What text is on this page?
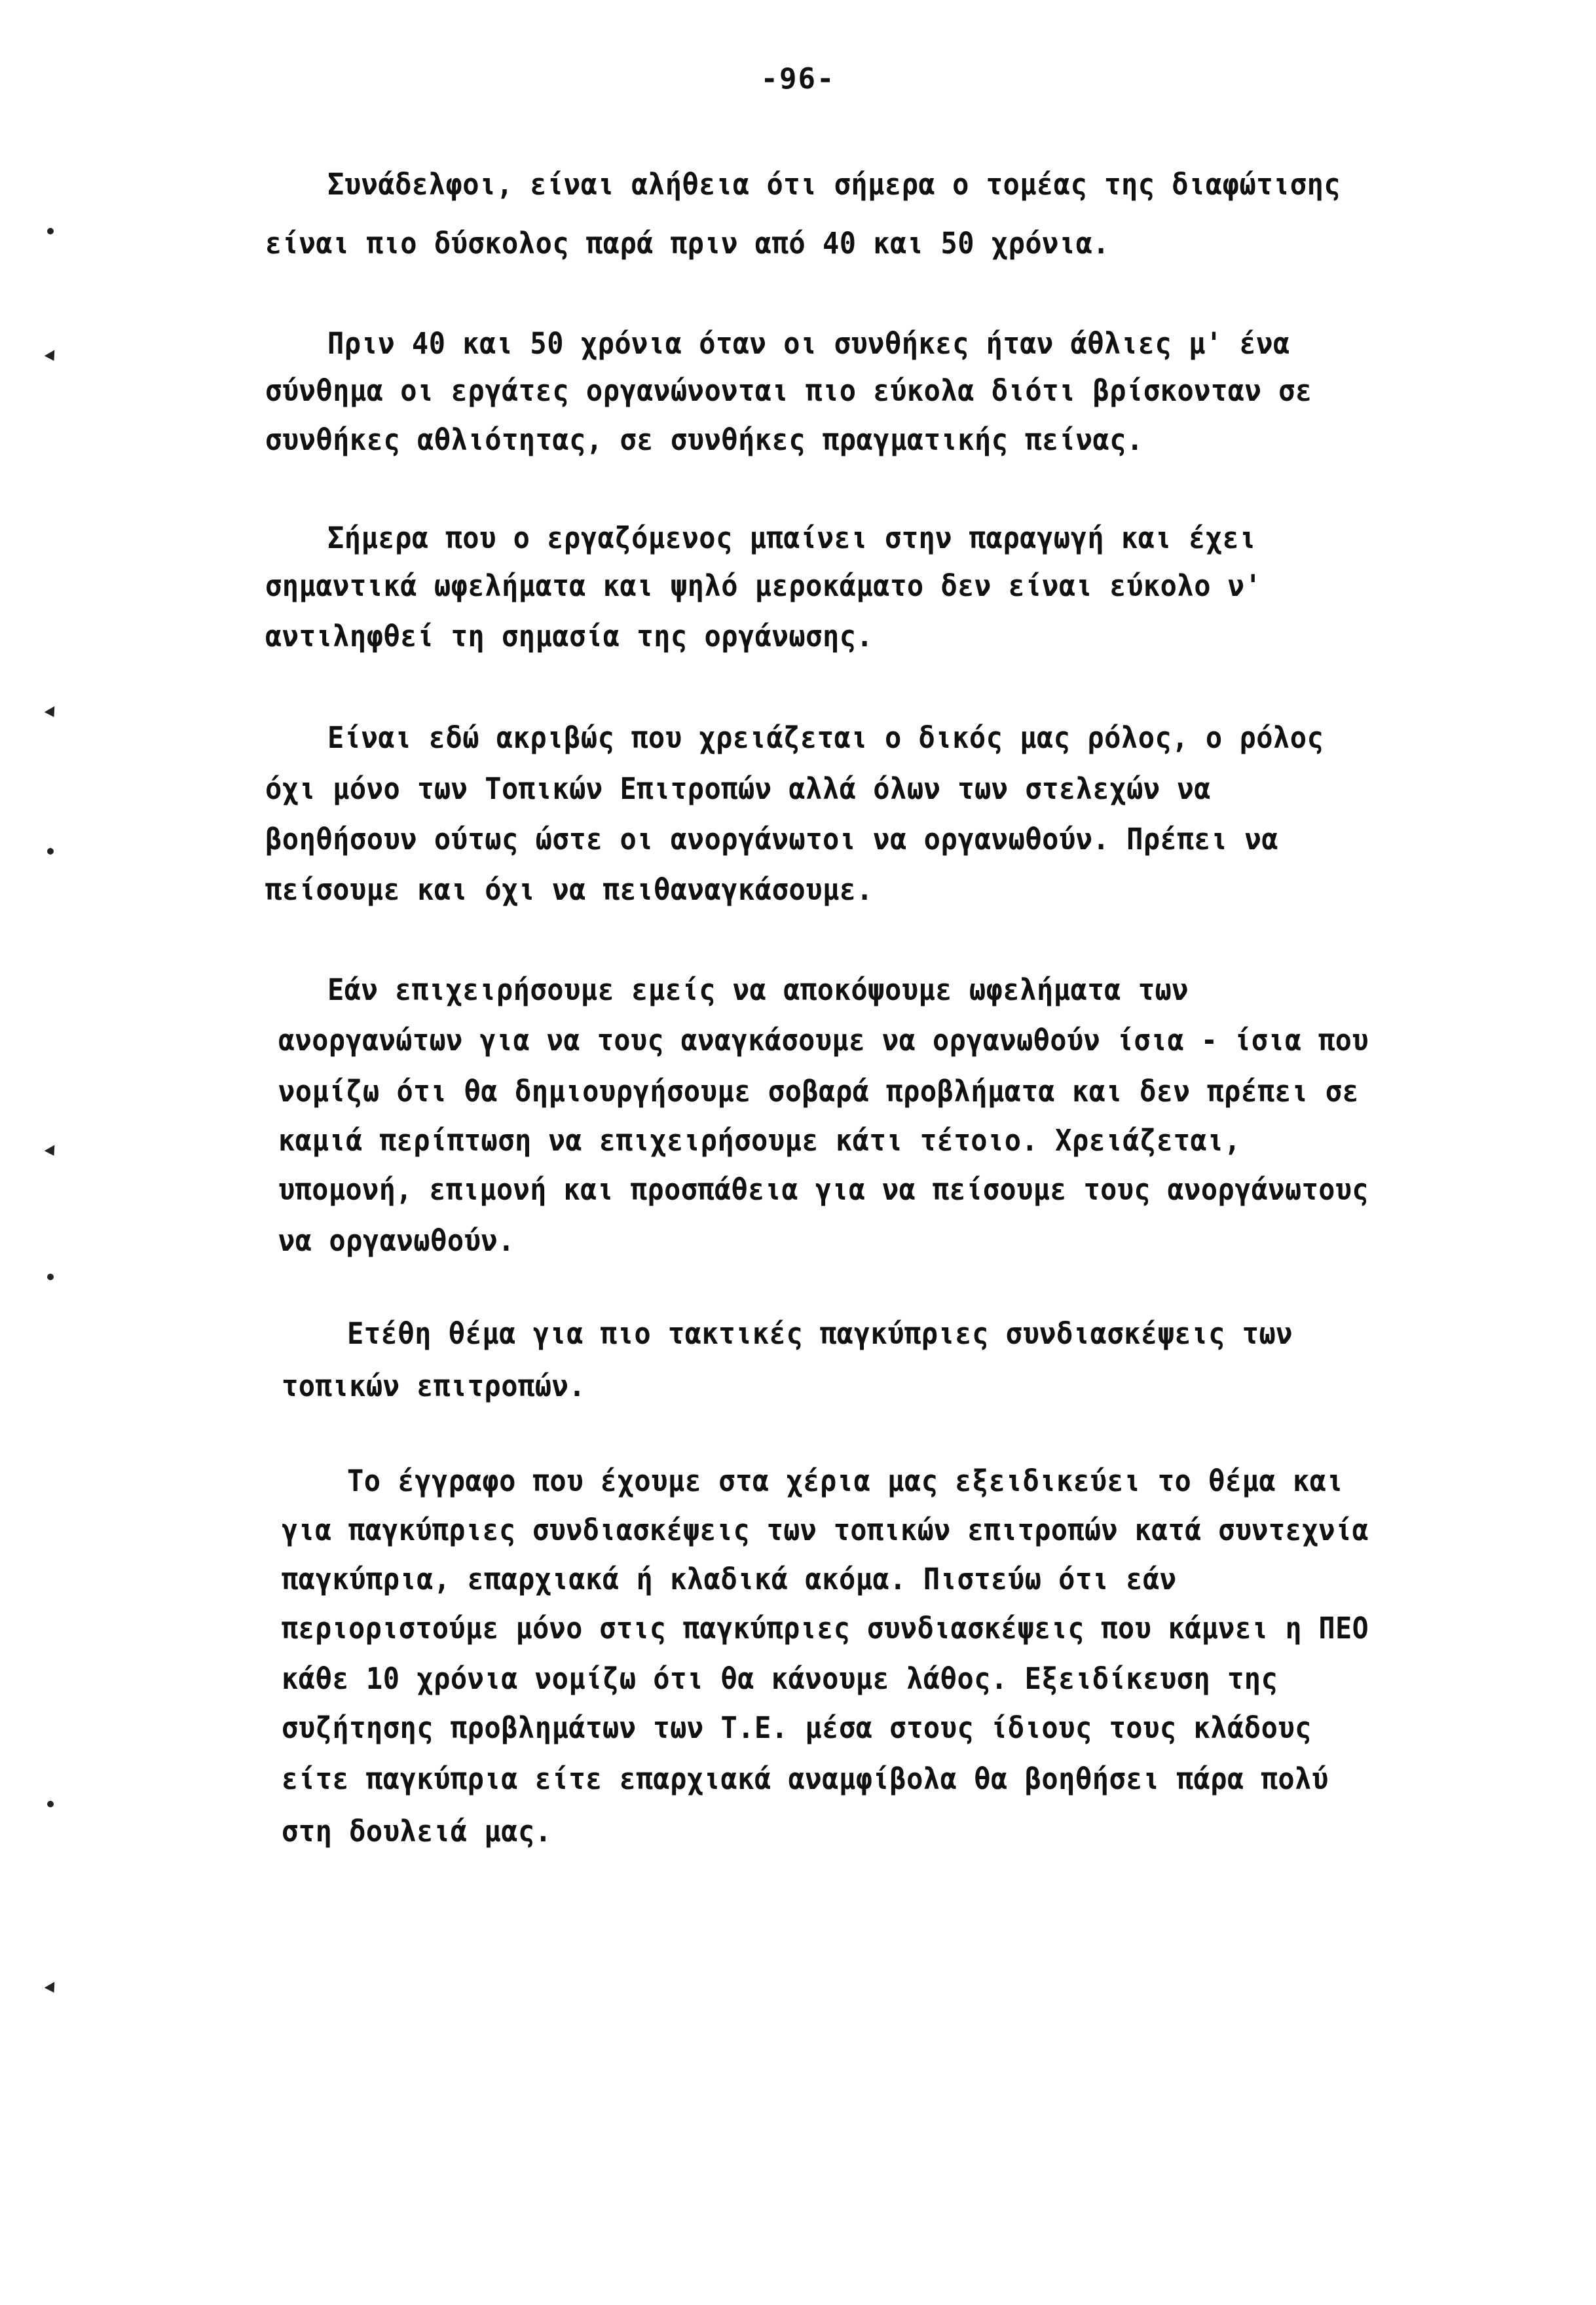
-96-
Συνάδελφοι, είναι αλήθεια ότι σήμερα ο τομέας της διαφώτισης
είναι πιο δύσκολος παρά πριν από 40 και 50 χρόνια.
Πριν 40 και 50 χρόνια όταν οι συνθήκες ήταν άθλιες μ' ένα
σύνθημα οι εργάτες οργανώνονται πιο εύκολα διότι βρίσκονταν σε
συνθήκες αθλιότητας, σε συνθήκες πραγματικής πείνας.
Σήμερα που ο εργαζόμενος μπαίνει στην παραγωγή και έχει
σημαντικά ωφελήματα και ψηλό μεροκάματο δεν είναι εύκολο ν'
αντιληφθεί τη σημασία της οργάνωσης.
Είναι εδώ ακριβώς που χρειάζεται ο δικός μας ρόλος, ο ρόλος
όχι μόνο των Τοπικών Επιτροπών αλλά όλων των στελεχών να
βοηθήσουν ούτως ώστε οι ανοργάνωτοι να οργανωθούν. Πρέπει να
πείσουμε και όχι να πειθαναγκάσουμε.
Εάν επιχειρήσουμε εμείς να αποκόψουμε ωφελήματα των
ανοργανώτων για να τους αναγκάσουμε να οργανωθούν ίσια - ίσια που
νομίζω ότι θα δημιουργήσουμε σοβαρά προβλήματα και δεν πρέπει σε
καμιά περίπτωση να επιχειρήσουμε κάτι τέτοιο. Χρειάζεται,
υπομονή, επιμονή και προσπάθεια για να πείσουμε τους ανοργάνωτους
να οργανωθούν.
Ετέθη θέμα για πιο τακτικές παγκύπριες συνδιασκέψεις των
τοπικών επιτροπών.
Το έγγραφο που έχουμε στα χέρια μας εξειδικεύει το θέμα και
για παγκύπριες συνδιασκέψεις των τοπικών επιτροπών κατά συντεχνία
παγκύπρια, επαρχιακά ή κλαδικά ακόμα. Πιστεύω ότι εάν
περιοριστούμε μόνο στις παγκύπριες συνδιασκέψεις που κάμνει η ΠΕΟ
κάθε 10 χρόνια νομίζω ότι θα κάνουμε λάθος. Εξειδίκευση της
συζήτησης προβλημάτων των Τ.Ε. μέσα στους ίδιους τους κλάδους
είτε παγκύπρια είτε επαρχιακά αναμφίβολα θα βοηθήσει πάρα πολύ
στη δουλειά μας.
